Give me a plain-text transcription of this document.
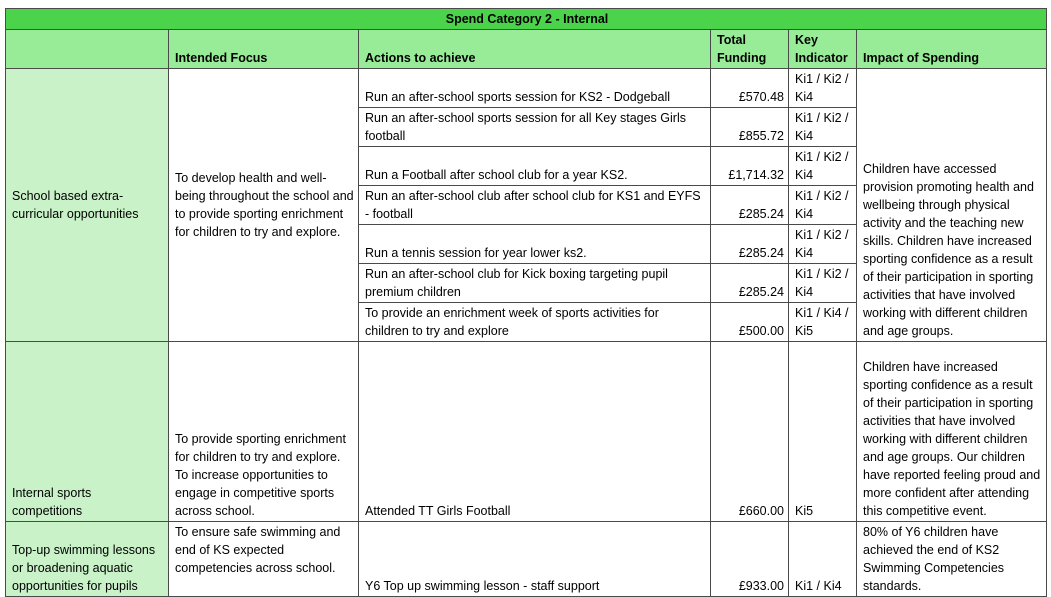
Spend Category 2 - Internal					
	Intended Focus	Actions to achieve	Total Funding	Key Indicator	Impact of Spending
School based extra-curricular opportunities	To develop health and well-being throughout the school and to provide sporting enrichment for children to try and explore.	Run an after-school sports session for KS2 - Dodgeball	£570.48	Ki1 / Ki2 / Ki4	Children have accessed provision promoting health and wellbeing through physical activity and the teaching new skills. Children have increased sporting confidence as a result of their participation in sporting activities that have involved working with different children and age groups.
		Run an after-school sports session for all Key stages Girls football	£855.72	Ki1 / Ki2 / Ki4	
		Run a Football after school club for a year KS2.	£1,714.32	Ki1 / Ki2 / Ki4	
		Run an after-school club after school club for KS1 and EYFS - football	£285.24	Ki1 / Ki2 / Ki4	
		Run a tennis session for year lower ks2.	£285.24	Ki1 / Ki2 / Ki4	
		Run an after-school club for Kick boxing targeting pupil premium children	£285.24	Ki1 / Ki2 / Ki4	
		To provide an enrichment week of sports activities for children to try and explore	£500.00	Ki1 / Ki4 / Ki5	
Internal sports competitions	To provide sporting enrichment for children to try and explore. To increase opportunities to engage in competitive sports across school.	Attended TT Girls Football	£660.00	Ki5	Children have increased sporting confidence as a result of their participation in sporting activities that have involved working with different children and age groups. Our children have reported feeling proud and more confident after attending this competitive event.
Top-up swimming lessons or broadening aquatic opportunities for pupils	To ensure safe swimming and end of KS expected competencies across school.	Y6 Top up swimming lesson - staff support	£933.00	Ki1 / Ki4	80% of Y6 children have achieved the end of KS2 Swimming Competencies standards.
